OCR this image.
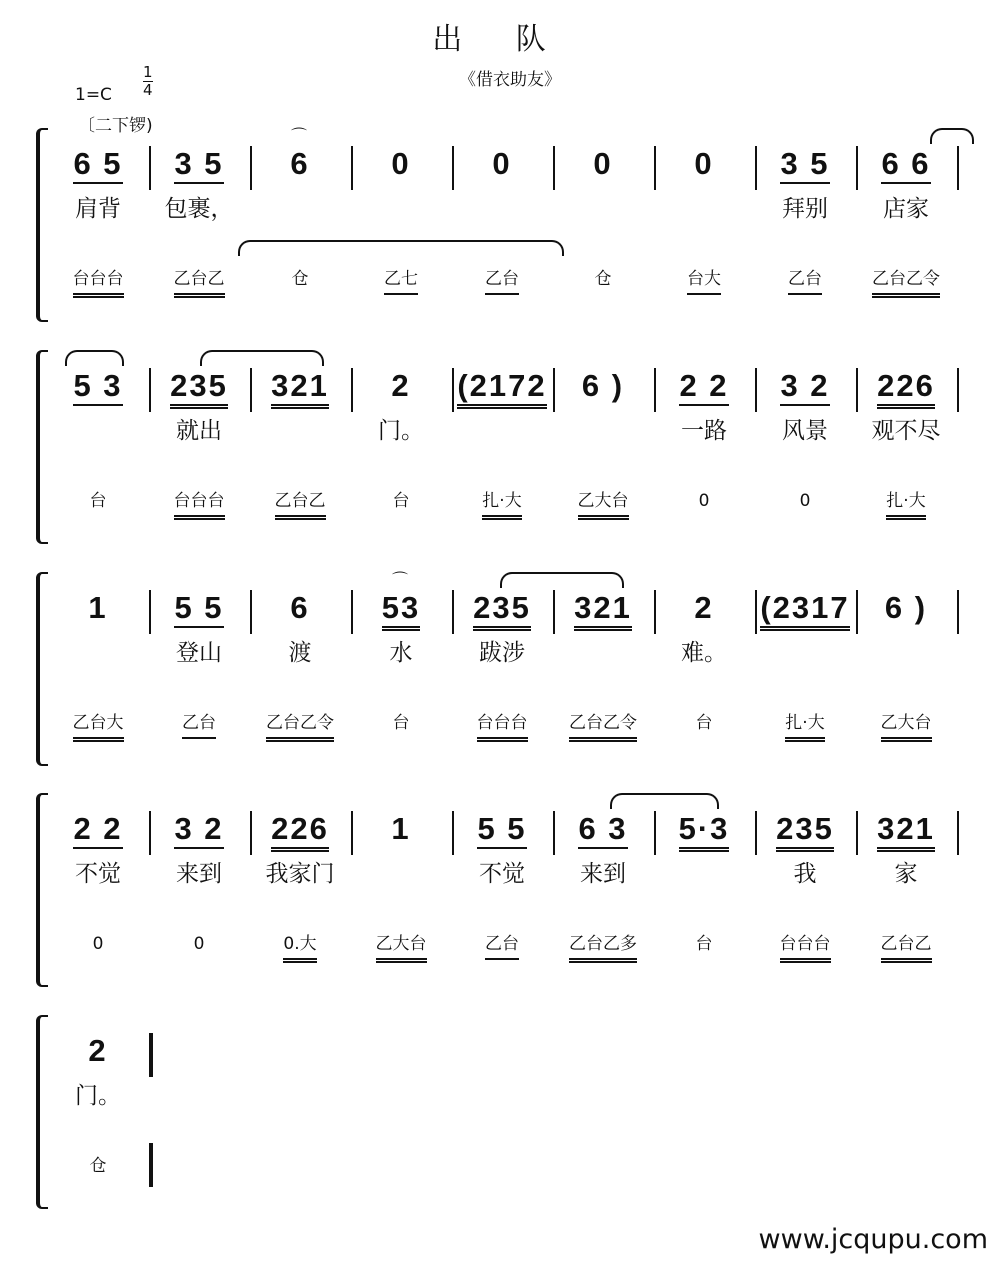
出 队
《借衣助友》
1=C
1
4
〔二下锣)
6 5
肩背
台台台
3 5
包裹，
乙台乙
6
⌒
仓
0
乙七
0
乙台
0
仓
0
台大
3 5
拜别
乙台
6 6
店家
乙台乙令
5 3
台
235
就出
台台台
321
乙台乙
2
门。
台
(2172
扎·大
6 )
乙大台
2 2
一路
0
3 2
风景
0
226
观不尽
扎·大
1
乙台大
5 5
登山
乙台
6
渡
乙台乙令
53
⌒
水
台
235
跋涉
台台台
321
乙台乙令
2
难。
台
(2317
扎·大
6 )
乙大台
2 2
不觉
0
3 2
来到
0
226
我家门
0.大
1
乙大台
5 5
不觉
乙台
6 3
来到
乙台乙多
5·3
台
235
我
台台台
321
家
乙台乙
2
门。
仓
www.jcqupu.com
